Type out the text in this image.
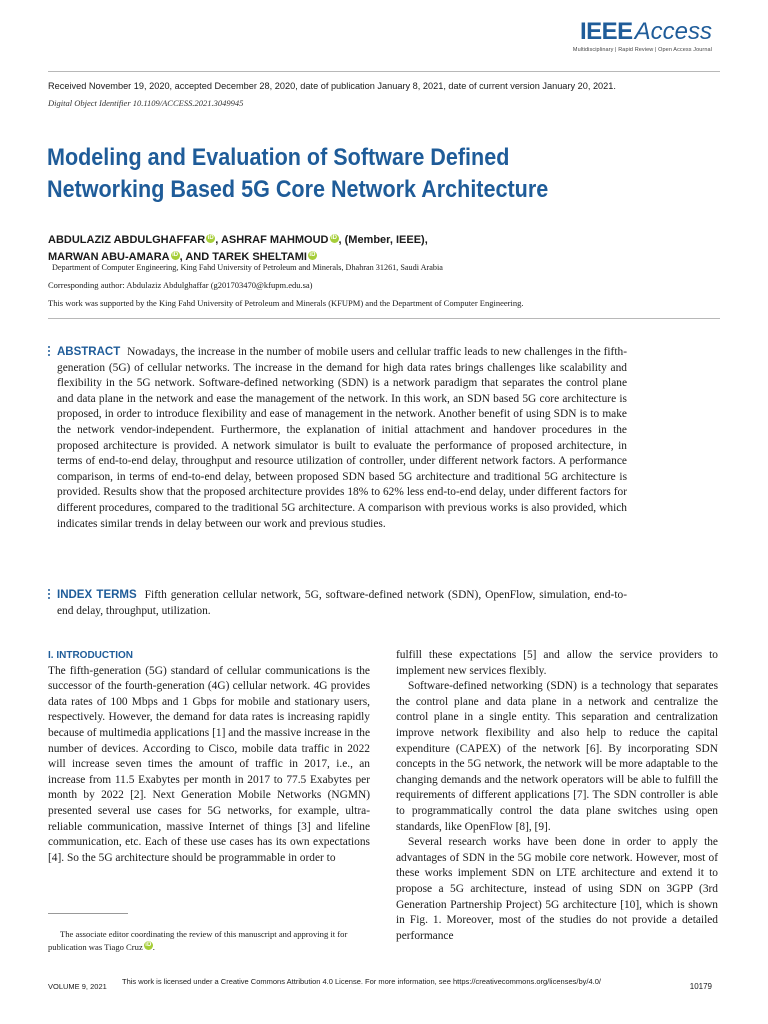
IEEEAccess
Multidisciplinary | Rapid Review | Open Access Journal
Received November 19, 2020, accepted December 28, 2020, date of publication January 8, 2021, date of current version January 20, 2021.
Digital Object Identifier 10.1109/ACCESS.2021.3049945
Modeling and Evaluation of Software Defined
Networking Based 5G Core Network Architecture
ABDULAZIZ ABDULGHAFFAR iD , ASHRAF MAHMOUD iD , (Member, IEEE),
MARWAN ABU-AMARA iD , AND TAREK SHELTAMI iD
Department of Computer Engineering, King Fahd University of Petroleum and Minerals, Dhahran 31261, Saudi Arabia
Corresponding author: Abdulaziz Abdulghaffar (g201703470@kfupm.edu.sa)
This work was supported by the King Fahd University of Petroleum and Minerals (KFUPM) and the Department of Computer Engineering.
ABSTRACT Nowadays, the increase in the number of mobile users and cellular traffic leads to new challenges in the fifth-generation (5G) of cellular networks. The increase in the demand for high data rates brings challenges like scalability and flexibility in the 5G network. Software-defined networking (SDN) is a network paradigm that separates the control plane and data plane in the network and ease the management of the network. In this work, an SDN based 5G core architecture is proposed, in order to introduce flexibility and ease of management in the network. Another benefit of using SDN is to make the network vendor-independent. Furthermore, the explanation of initial attachment and handover procedures in the proposed architecture is provided. A network simulator is built to evaluate the performance of proposed architecture, in terms of end-to-end delay, throughput and resource utilization of controller, under different network factors. A performance comparison, in terms of end-to-end delay, between proposed SDN based 5G architecture and traditional 5G architecture is provided. Results show that the proposed architecture provides 18% to 62% less end-to-end delay, under different factors for different procedures, compared to the traditional 5G architecture. A comparison with previous works is also provided, which indicates similar trends in delay between our work and previous studies.
INDEX TERMS Fifth generation cellular network, 5G, software-defined network (SDN), OpenFlow, simulation, end-to-end delay, throughput, utilization.
I. INTRODUCTION

The fifth-generation (5G) standard of cellular communications is the successor of the fourth-generation (4G) cellular network. 4G provides data rates of 100 Mbps and 1 Gbps for mobile and stationary users, respectively. However, the demand for data rates is increasing rapidly because of multimedia applications [1] and the massive increase in the number of devices. According to Cisco, mobile data traffic in 2022 will increase seven times the amount of traffic in 2017, i.e., an increase from 11.5 Exabytes per month in 2017 to 77.5 Exabytes per month by 2022 [2]. Next Generation Mobile Networks (NGMN) presented several use cases for 5G networks, for example, ultra-reliable communication, massive Internet of things [3] and lifeline communication, etc. Each of these use cases has its own expectations [4]. So the 5G architecture should be programmable in order to

fulfill these expectations [5] and allow the service providers to implement new services flexibly.

Software-defined networking (SDN) is a technology that separates the control plane and data plane in a network and centralize the control plane in a single entity. This separation and centralization improve network flexibility and also help to reduce the capital expenditure (CAPEX) of the network [6]. By incorporating SDN concepts in the 5G network, the network will be more adaptable to the changing demands and the network operators will be able to fulfill the requirements of different applications [7]. The SDN controller is able to programmatically control the data plane switches using open standards, like OpenFlow [8], [9].

Several research works have been done in order to apply the advantages of SDN in the 5G mobile core network. However, most of these works implement SDN on LTE architecture and extend it to propose a 5G architecture, instead of using SDN on 3GPP (3rd Generation Partnership Project) 5G architecture [10], which is shown in Fig. 1. Moreover, most of the studies do not provide a detailed performance

The associate editor coordinating the review of this manuscript and approving it for publication was Tiago Cruz iD .
VOLUME 9, 2021
This work is licensed under a Creative Commons Attribution 4.0 License. For more information, see https://creativecommons.org/licenses/by/4.0/
10179
